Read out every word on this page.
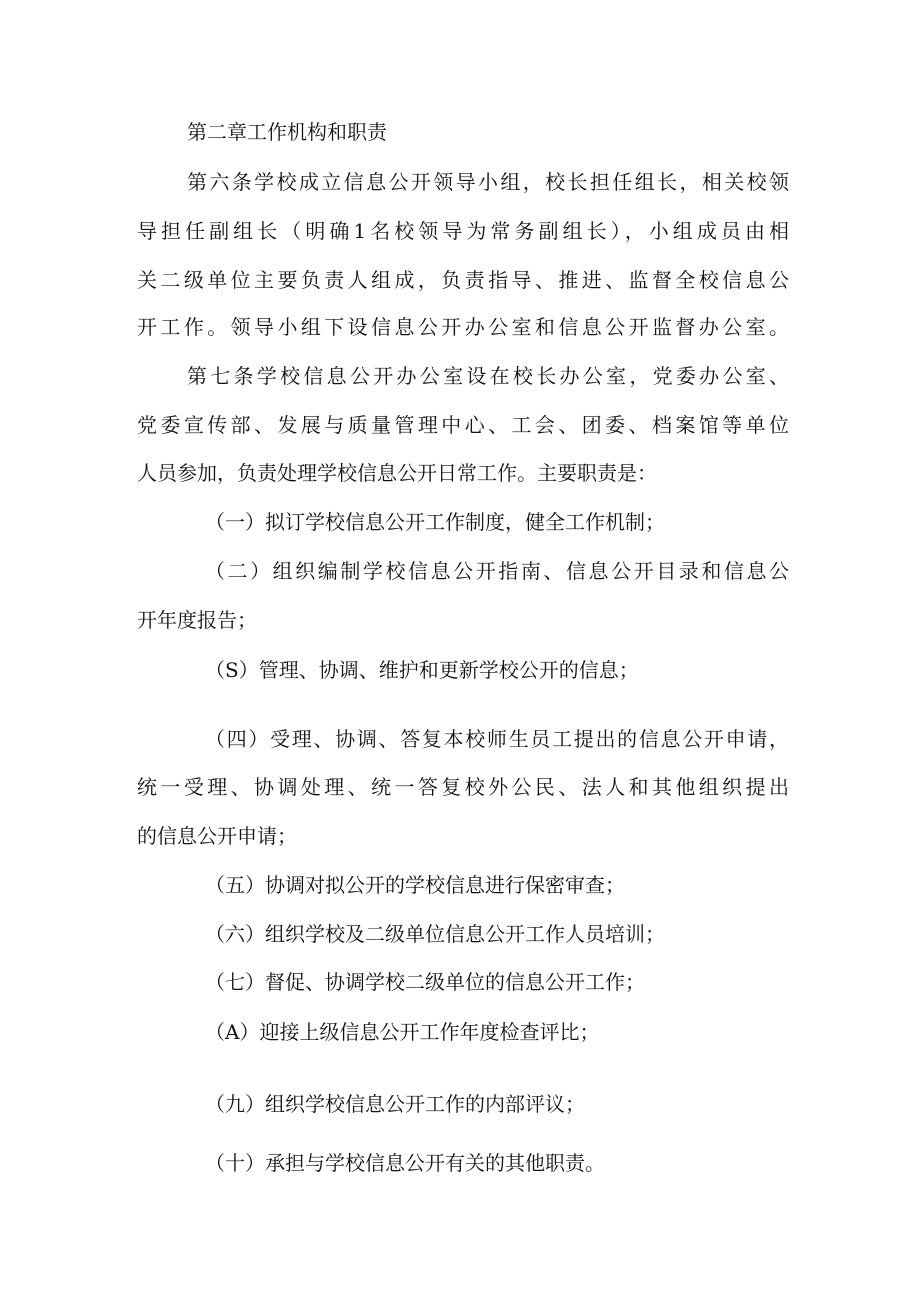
第二章工作机构和职责

第六条学校成立信息公开领导小组，校长担任组长，相关校领

导担任副组长（明确1名校领导为常务副组长），小组成员由相

关二级单位主要负责人组成，负责指导、推进、监督全校信息公

开工作。领导小组下设信息公开办公室和信息公开监督办公室。

第七条学校信息公开办公室设在校长办公室，党委办公室、

党委宣传部、发展与质量管理中心、工会、团委、档案馆等单位

人员参加，负责处理学校信息公开日常工作。主要职责是：

（一）拟订学校信息公开工作制度，健全工作机制；

（二）组织编制学校信息公开指南、信息公开目录和信息公

开年度报告；

（S）管理、协调、维护和更新学校公开的信息；

（四）受理、协调、答复本校师生员工提出的信息公开申请，

统一受理、协调处理、统一答复校外公民、法人和其他组织提出

的信息公开申请；

（五）协调对拟公开的学校信息进行保密审查；

（六）组织学校及二级单位信息公开工作人员培训；

（七）督促、协调学校二级单位的信息公开工作；

（A）迎接上级信息公开工作年度检查评比；

（九）组织学校信息公开工作的内部评议；

（十）承担与学校信息公开有关的其他职责。
